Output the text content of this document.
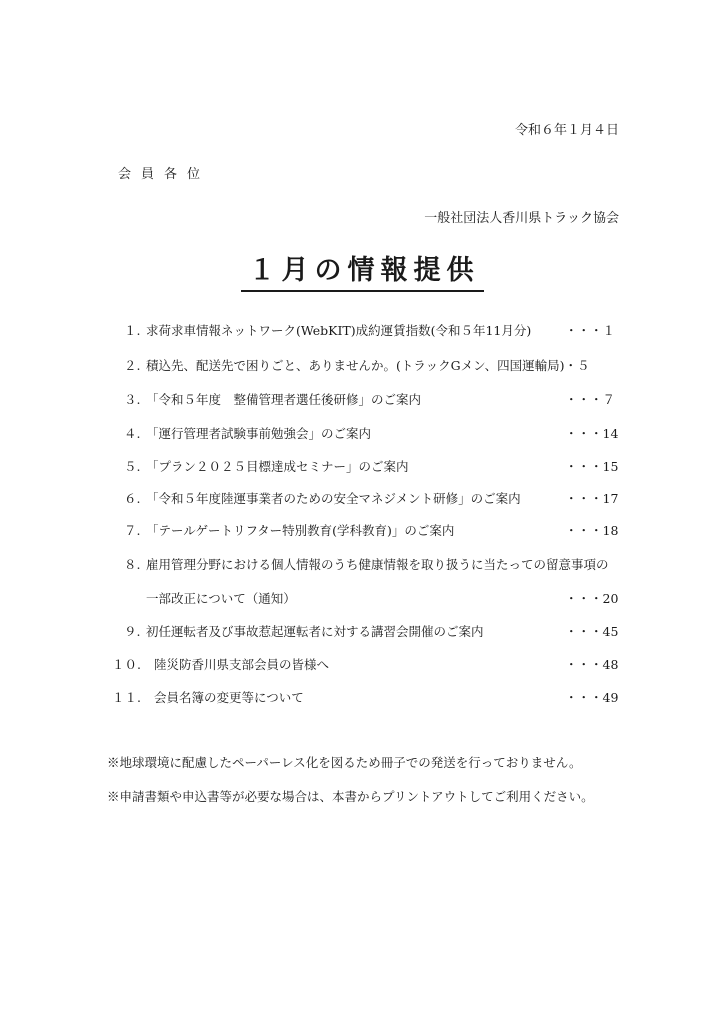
令和６年１月４日
会員各位
一般社団法人香川県トラック協会
１月の情報提供
１. 求荷求車情報ネットワーク(WebKIT)成約運賃指数(令和５年11月分)	・・・１
２. 積込先、配送先で困りごと、ありませんか。(トラックGメン、四国運輸局)・５
３. 「令和５年度　整備管理者選任後研修」のご案内	・・・７
４. 「運行管理者試験事前勉強会」のご案内	・・・14
５. 「プラン２０２５目標達成セミナー」のご案内	・・・15
６. 「令和５年度陸運事業者のための安全マネジメント研修」のご案内	・・・17
７. 「テールゲートリフター特別教育(学科教育)」のご案内	・・・18
８. 雇用管理分野における個人情報のうち健康情報を取り扱うに当たっての留意事項の
一部改正について（通知）	・・・20
９. 初任運転者及び事故惹起運転者に対する講習会開催のご案内	・・・45
１０. 陸災防香川県支部会員の皆様へ	・・・48
１１. 会員名簿の変更等について	・・・49
※地球環境に配慮したペーパーレス化を図るため冊子での発送を行っておりません。
※申請書類や申込書等が必要な場合は、本書からプリントアウトしてご利用ください。
